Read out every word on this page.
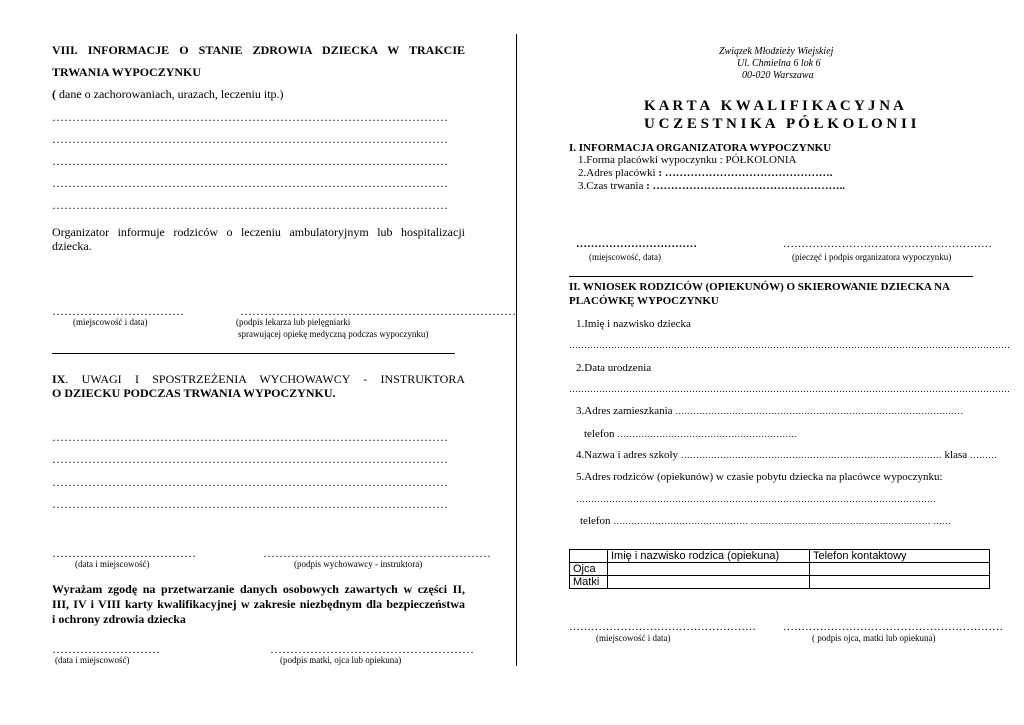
VIII. INFORMACJE O STANIE ZDROWIA DZIECKA W TRAKCIE
TRWANIA WYPOCZYNKU
( dane o zachorowaniach, urazach, leczeniu itp.)
………………………………………………………………………………………
………………………………………………………………………………………
………………………………………………………………………………………
………………………………………………………………………………………
………………………………………………………………………………………
Organizator informuje rodziców o leczeniu ambulatoryjnym lub hospitalizacji
dziecka.
……………………………	……………………………………………………………
(miejscowość i data)	(podpis lekarza lub pielęgniarki
sprawującej opiekę medyczną podczas wypoczynku)
IX. UWAGI I SPOSTRZEŻENIA WYCHOWAWCY - INSTRUKTORA
O DZIECKU PODCZAS TRWANIA WYPOCZYNKU.
………………………………………………………………………………………
………………………………………………………………………………………
………………………………………………………………………………………
………………………………………………………………………………………
………………………………	…………………………………………………
(data i miejscowość)	(podpis wychowawcy - instruktora)
Wyrażam zgodę na przetwarzanie danych osobowych zawartych w części II,
III, IV i VIII karty kwalifikacyjnej w zakresie niezbędnym dla bezpieczeństwa
i ochrony zdrowia dziecka
………………………	……………………………………………
(data i miejscowość)	(podpis matki, ojca lub opiekuna)
Związek Młodzieży Wiejskiej
Ul. Chmielna 6 lok 6
00-020 Warszawa
K A R T A   K W A L I F I K A C Y J N A
U C Z E S T N I K A   P Ó Ł K O L O N I I
I. INFORMACJA ORGANIZATORA WYPOCZYNKU
1.Forma placówki wypoczynku : PÓŁKOLONIA
2.Adres placówki : ……………………………………….
3.Czas trwania : ……………………………………………..
……………………………	…………………………………………………
(miejscowość, data)	(pieczęć i podpis organizatora wypoczynku)
II. WNIOSEK RODZICÓW (OPIEKUNÓW) O SKIEROWANIE DZIECKA NA
PLACÓWKĘ WYPOCZYNKU
1.Imię i nazwisko dziecka
…………………………………………………………………………………………………………………………………
2.Data urodzenia
…………………………………………………………………………………………………………………………………
3.Adres zamieszkania ……………………………………………………………………………………
telefon ……………………………………………………
4.Nazwa i adres szkoły …………………………………………………………………………… klasa ………
5.Adres rodziców (opiekunów) w czasie pobytu dziecka na placówce wypoczynku:
…………………………………………………………………………………………………………
telefon ……………………………………… …………………………………………………… ……
	Imię i nazwisko rodzica (opiekuna)	Telefon kontaktowy
Ojca		
Matki		
…………………………………………… ……………………………………………………
(miejscowość i data)	( podpis ojca, matki lub opiekuna)
